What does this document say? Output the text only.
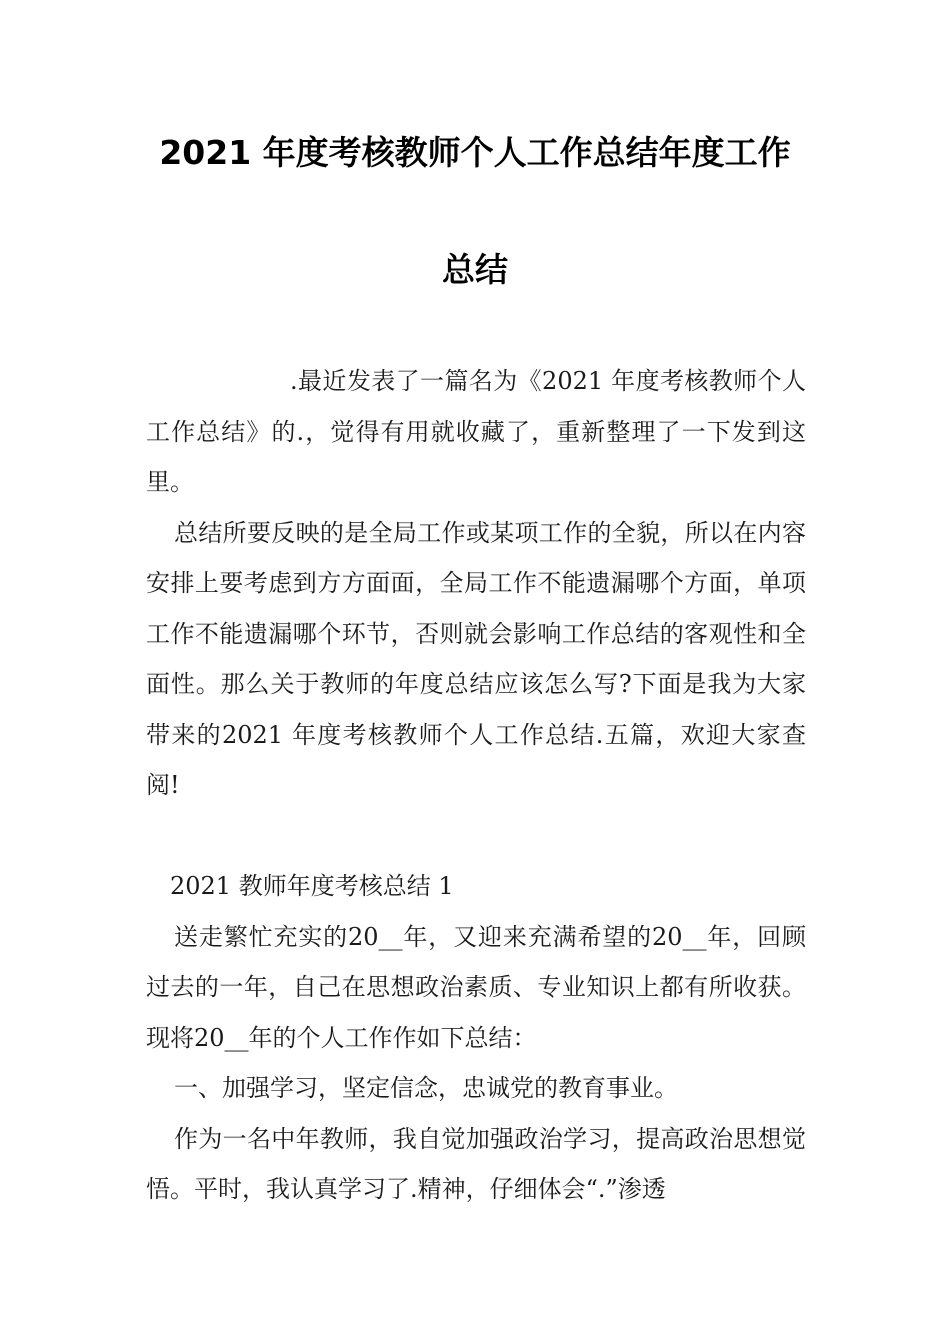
2021 年度考核教师个人工作总结年度工作
总结

.最近发表了一篇名为《2021 年度考核教师个人工作总结》的.，觉得有用就收藏了，重新整理了一下发到这里。

总结所要反映的是全局工作或某项工作的全貌，所以在内容安排上要考虑到方方面面，全局工作不能遗漏哪个方面，单项工作不能遗漏哪个环节，否则就会影响工作总结的客观性和全面性。那么关于教师的年度总结应该怎么写?下面是我为大家带来的2021 年度考核教师个人工作总结.五篇，欢迎大家查阅!

2021 教师年度考核总结 1

送走繁忙充实的20__年，又迎来充满希望的20__年，回顾过去的一年，自己在思想政治素质、专业知识上都有所收获。现将20__年的个人工作作如下总结：

一、加强学习，坚定信念，忠诚党的教育事业。

作为一名中年教师，我自觉加强政治学习，提高政治思想觉悟。平时，我认真学习了.精神，仔细体会“.”渗透
